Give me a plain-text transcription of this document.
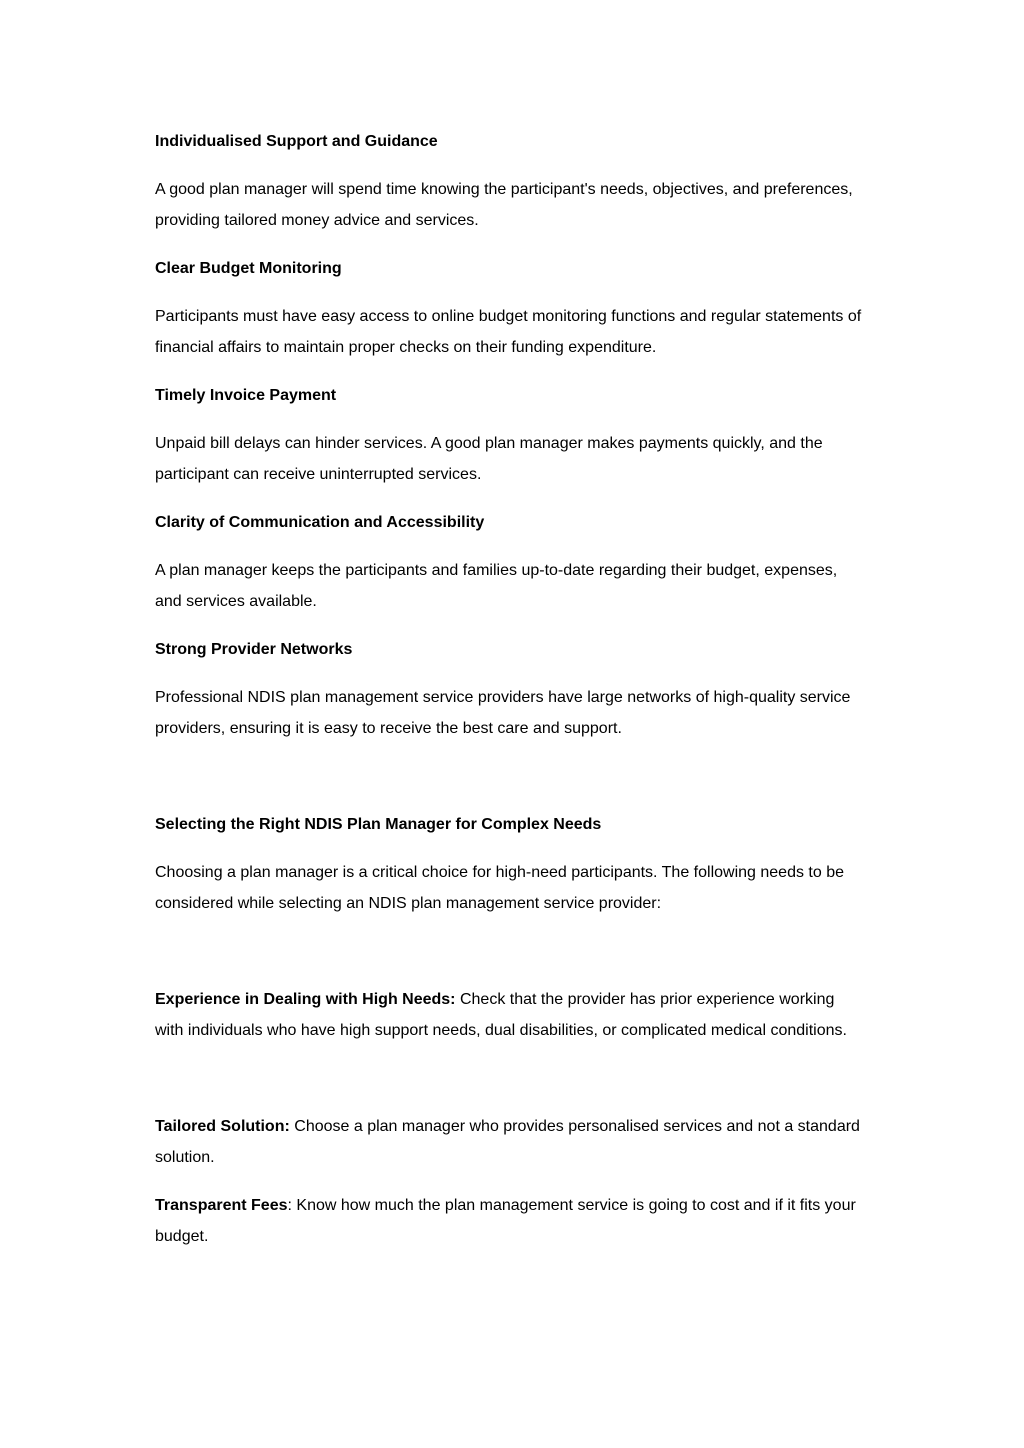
Individualised Support and Guidance
A good plan manager will spend time knowing the participant's needs, objectives, and preferences, providing tailored money advice and services.
Clear Budget Monitoring
Participants must have easy access to online budget monitoring functions and regular statements of financial affairs to maintain proper checks on their funding expenditure.
Timely Invoice Payment
Unpaid bill delays can hinder services. A good plan manager makes payments quickly, and the participant can receive uninterrupted services.
Clarity of Communication and Accessibility
A plan manager keeps the participants and families up-to-date regarding their budget, expenses, and services available.
Strong Provider Networks
Professional NDIS plan management service providers have large networks of high-quality service providers, ensuring it is easy to receive the best care and support.
Selecting the Right NDIS Plan Manager for Complex Needs
Choosing a plan manager is a critical choice for high-need participants. The following needs to be considered while selecting an NDIS plan management service provider:
Experience in Dealing with High Needs: Check that the provider has prior experience working with individuals who have high support needs, dual disabilities, or complicated medical conditions.
Tailored Solution: Choose a plan manager who provides personalised services and not a standard solution.
Transparent Fees: Know how much the plan management service is going to cost and if it fits your budget.
